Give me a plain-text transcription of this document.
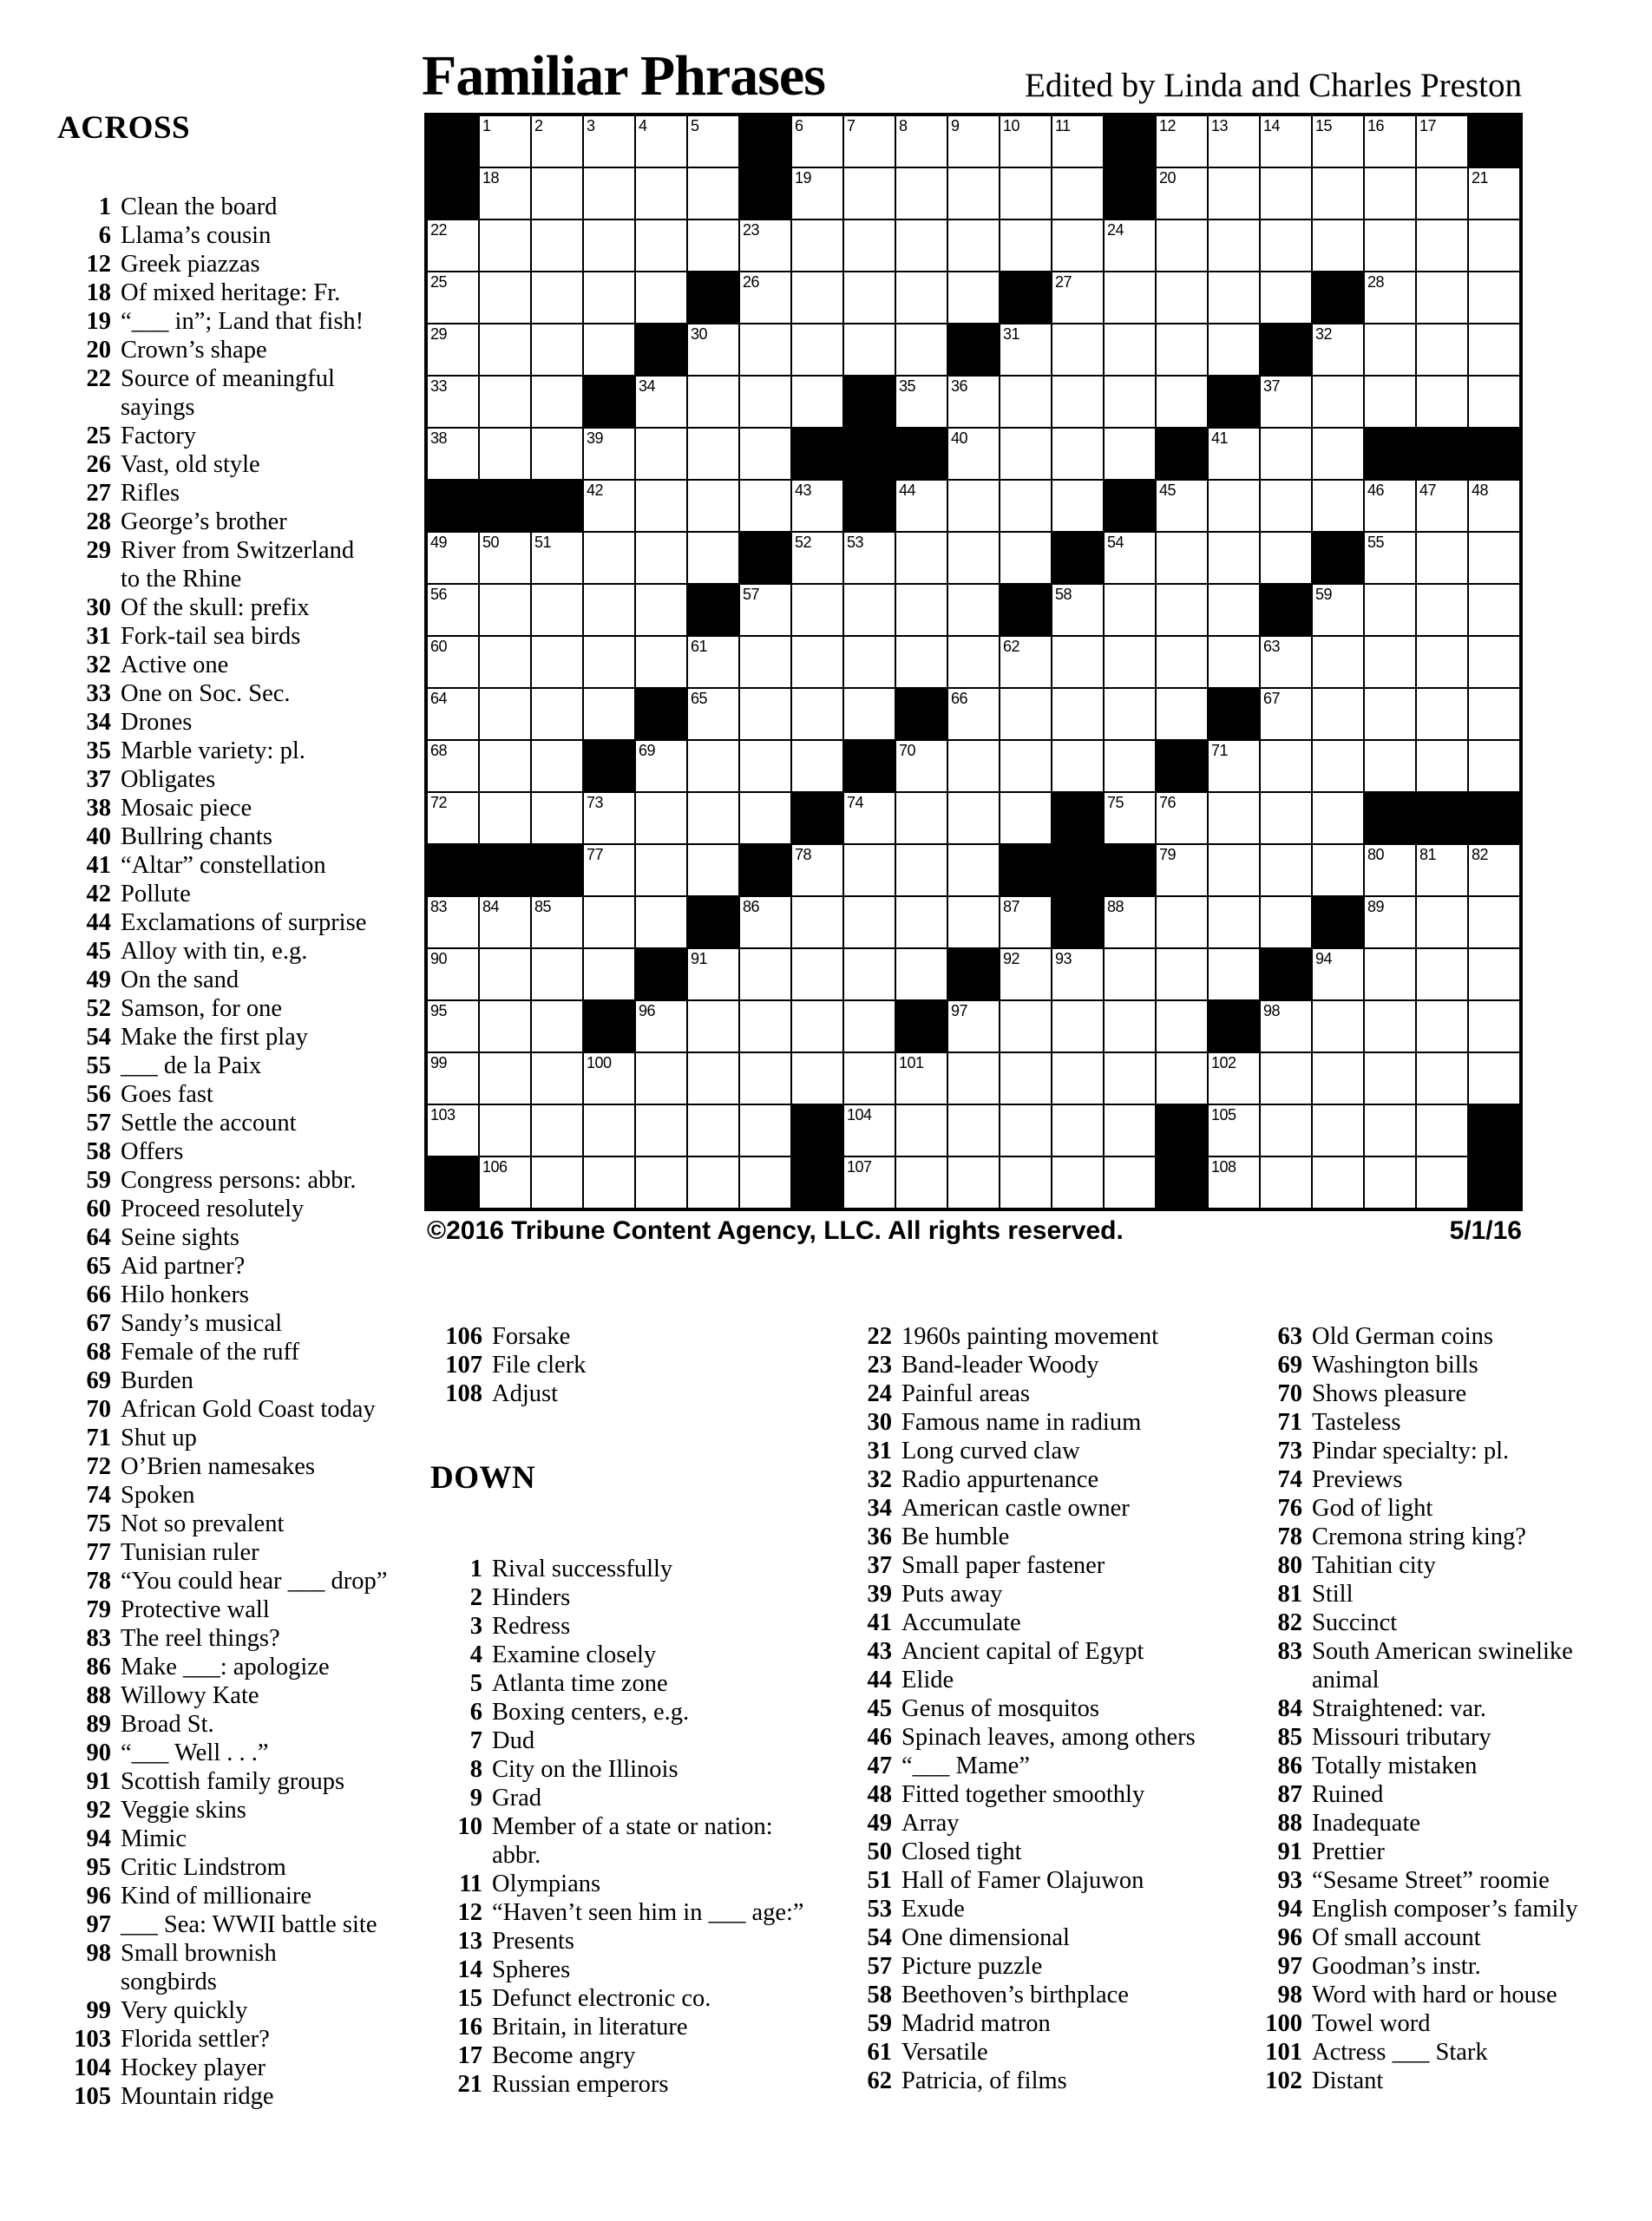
Familiar Phrases	Edited by Linda and Charles Preston
ACROSS
1 Clean the board
6 Llama’s cousin
12 Greek piazzas
18 Of mixed heritage: Fr.
19 “___ in”; Land that fish!
20 Crown’s shape
22 Source of meaningful
sayings
25 Factory
26 Vast, old style
27 Rifles
28 George’s brother
29 River from Switzerland
to the Rhine
30 Of the skull: prefix
31 Fork-tail sea birds
32 Active one
33 One on Soc. Sec.
34 Drones
35 Marble variety: pl.
37 Obligates
38 Mosaic piece
40 Bullring chants
41 “Altar” constellation
42 Pollute
44 Exclamations of surprise
45 Alloy with tin, e.g.
49 On the sand
52 Samson, for one
54 Make the first play
55 ___ de la Paix
56 Goes fast
57 Settle the account
58 Offers
59 Congress persons: abbr.
60 Proceed resolutely
64 Seine sights
65 Aid partner?
66 Hilo honkers
67 Sandy’s musical
68 Female of the ruff
69 Burden
70 African Gold Coast today
71 Shut up
72 O’Brien namesakes
74 Spoken
75 Not so prevalent
77 Tunisian ruler
78 “You could hear ___ drop”
79 Protective wall
83 The reel things?
86 Make ___: apologize
88 Willowy Kate
89 Broad St.
90 “___ Well . . .”
91 Scottish family groups
92 Veggie skins
94 Mimic
95 Critic Lindstrom
96 Kind of millionaire
97 ___ Sea: WWII battle site
98 Small brownish
songbirds
99 Very quickly
103 Florida settler?
104 Hockey player
105 Mountain ridge
1	2	3	4	5	6	7	8	9	10 11	12 13 14 15 16 17
18	19	20	21
22	23	24
25	26	27	28
29	30	31	32
33	34	35 36	37
38	39	40	41
42	43	44	45	46 47 48
49 50 51	52 53	54	55
56	57	58	59
60	61	62	63
64	65	66	67
68	69	70	71
72	73	74	75 76
77	78	79	80 81 82
83 84 85	86	87	88	89
90	91	92 93	94
95	96	97	98
99	100	101	102
103	104	105
106	107	108
©2016 Tribune Content Agency, LLC. All rights reserved.	5/1/16
106 Forsake
107 File clerk
108 Adjust
DOWN
1 Rival successfully
2 Hinders
3 Redress
4 Examine closely
5 Atlanta time zone
6 Boxing centers, e.g.
7 Dud
8 City on the Illinois
9 Grad
10 Member of a state or nation:
abbr.
11 Olympians
12 “Haven’t seen him in ___ age:”
13 Presents
14 Spheres
15 Defunct electronic co.
16 Britain, in literature
17 Become angry
21 Russian emperors
22 1960s painting movement
23 Band-leader Woody
24 Painful areas
30 Famous name in radium
31 Long curved claw
32 Radio appurtenance
34 American castle owner
36 Be humble
37 Small paper fastener
39 Puts away
41 Accumulate
43 Ancient capital of Egypt
44 Elide
45 Genus of mosquitos
46 Spinach leaves, among others
47 “___ Mame”
48 Fitted together smoothly
49 Array
50 Closed tight
51 Hall of Famer Olajuwon
53 Exude
54 One dimensional
57 Picture puzzle
58 Beethoven’s birthplace
59 Madrid matron
61 Versatile
62 Patricia, of films
63 Old German coins
69 Washington bills
70 Shows pleasure
71 Tasteless
73 Pindar specialty: pl.
74 Previews
76 God of light
78 Cremona string king?
80 Tahitian city
81 Still
82 Succinct
83 South American swinelike
animal
84 Straightened: var.
85 Missouri tributary
86 Totally mistaken
87 Ruined
88 Inadequate
91 Prettier
93 “Sesame Street” roomie
94 English composer’s family
96 Of small account
97 Goodman’s instr.
98 Word with hard or house
100 Towel word
101 Actress ___ Stark
102 Distant
